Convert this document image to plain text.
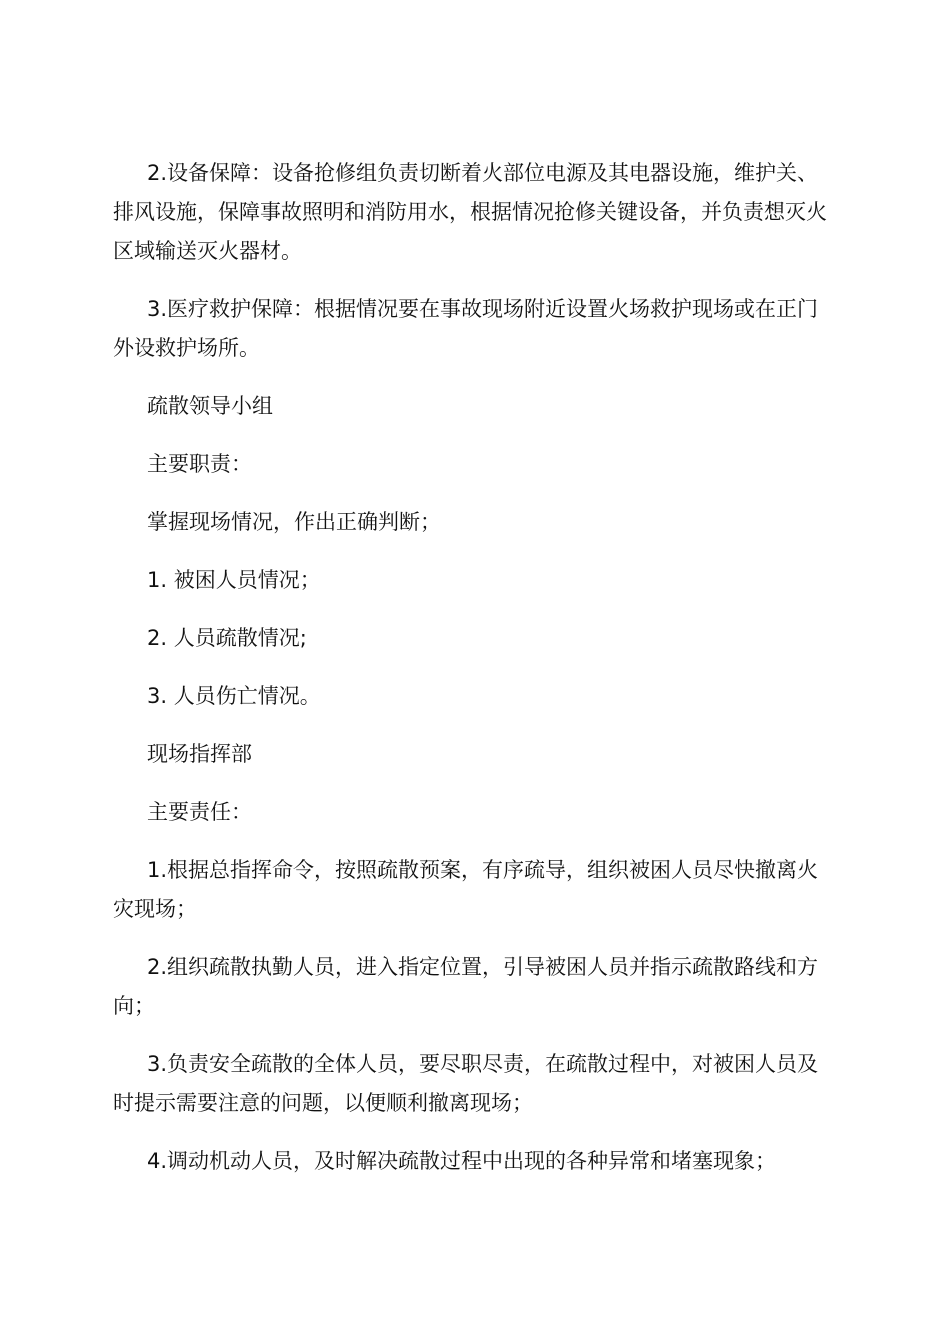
2.设备保障：设备抢修组负责切断着火部位电源及其电器设施，维护关、排风设施，保障事故照明和消防用水，根据情况抢修关键设备，并负责想灭火区域输送灭火器材。

3.医疗救护保障：根据情况要在事故现场附近设置火场救护现场或在正门外设救护场所。

疏散领导小组

主要职责：

掌握现场情况，作出正确判断；

1. 被困人员情况；

2. 人员疏散情况;

3. 人员伤亡情况。

现场指挥部

主要责任：

1.根据总指挥命令，按照疏散预案，有序疏导，组织被困人员尽快撤离火灾现场；

2.组织疏散执勤人员，进入指定位置，引导被困人员并指示疏散路线和方向；

3.负责安全疏散的全体人员，要尽职尽责，在疏散过程中，对被困人员及时提示需要注意的问题，以便顺利撤离现场；

4.调动机动人员，及时解决疏散过程中出现的各种异常和堵塞现象；
